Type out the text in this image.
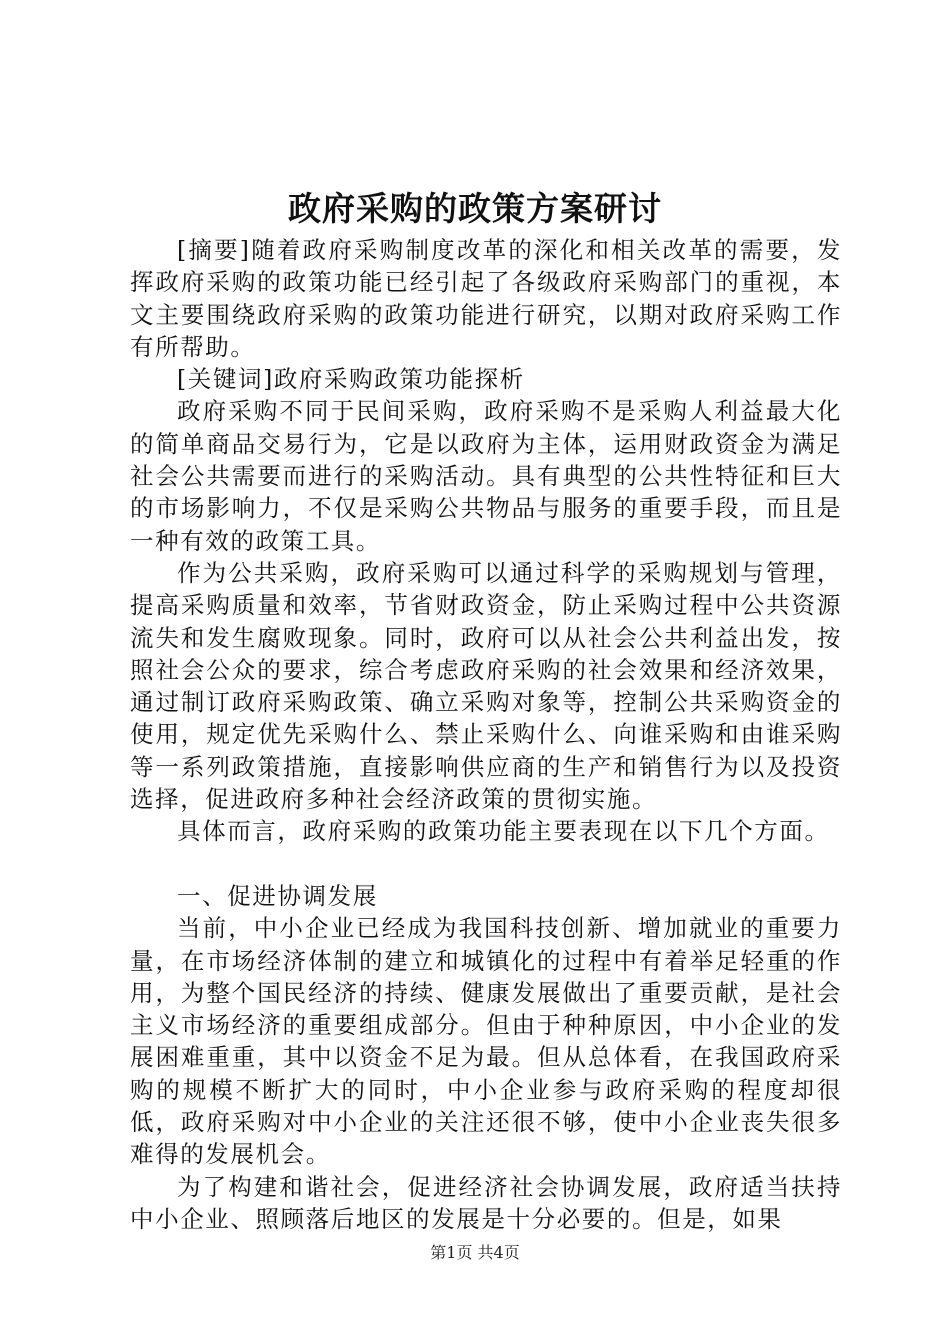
政府采购的政策方案研讨

[摘要]随着政府采购制度改革的深化和相关改革的需要，发挥政府采购的政策功能已经引起了各级政府采购部门的重视，本文主要围绕政府采购的政策功能进行研究，以期对政府采购工作有所帮助。

[关键词]政府采购政策功能探析

政府采购不同于民间采购，政府采购不是采购人利益最大化的简单商品交易行为，它是以政府为主体，运用财政资金为满足社会公共需要而进行的采购活动。具有典型的公共性特征和巨大的市场影响力，不仅是采购公共物品与服务的重要手段，而且是一种有效的政策工具。

作为公共采购，政府采购可以通过科学的采购规划与管理，提高采购质量和效率，节省财政资金，防止采购过程中公共资源流失和发生腐败现象。同时，政府可以从社会公共利益出发，按照社会公众的要求，综合考虑政府采购的社会效果和经济效果，通过制订政府采购政策、确立采购对象等，控制公共采购资金的使用，规定优先采购什么、禁止采购什么、向谁采购和由谁采购等一系列政策措施，直接影响供应商的生产和销售行为以及投资选择，促进政府多种社会经济政策的贯彻实施。

具体而言，政府采购的政策功能主要表现在以下几个方面。

一、促进协调发展

当前，中小企业已经成为我国科技创新、增加就业的重要力量，在市场经济体制的建立和城镇化的过程中有着举足轻重的作用，为整个国民经济的持续、健康发展做出了重要贡献，是社会主义市场经济的重要组成部分。但由于种种原因，中小企业的发展困难重重，其中以资金不足为最。但从总体看，在我国政府采购的规模不断扩大的同时，中小企业参与政府采购的程度却很低，政府采购对中小企业的关注还很不够，使中小企业丧失很多难得的发展机会。

为了构建和谐社会，促进经济社会协调发展，政府适当扶持中小企业、照顾落后地区的发展是十分必要的。但是，如果

第1页 共4页
